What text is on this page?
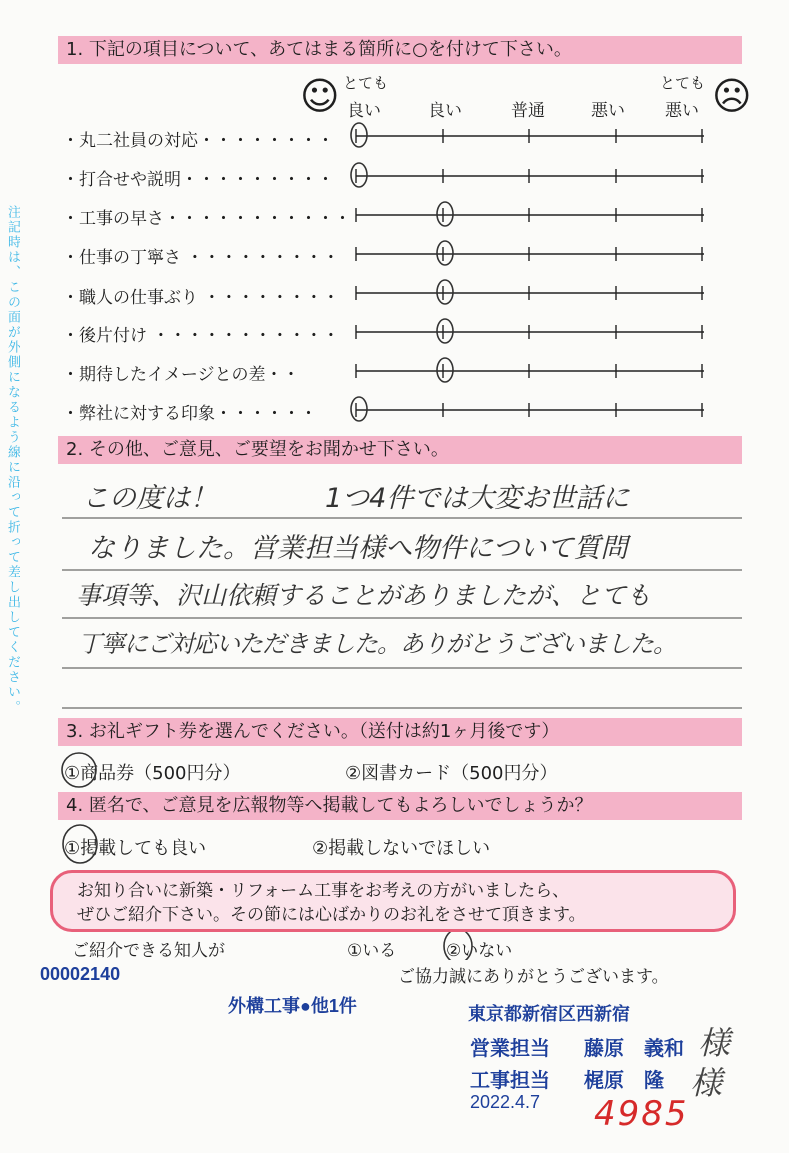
注記時は、この面が外側になるよう線に沿って折って差し出してください。
1. 下記の項目について、あてはまる箇所に○を付けて下さい。
☺	☹
とても	とても
良い	良い	普通	悪い 悪い
・丸二社員の対応・・・・・・・・
・打合せや説明・・・・・・・・・
・工事の早さ・・・・・・・・・・・
・仕事の丁寧さ ・・・・・・・・・
・職人の仕事ぶり ・・・・・・・・
・後片付け ・・・・・・・・・・・
・期待したイメージとの差・・
・弊社に対する印象・・・・・・
2. その他、ご意見、ご要望をお聞かせ下さい。
この度は！　　　　1つ4件では大変お世話に
なりました。営業担当様へ物件について質問
事項等、沢山依頼することがありましたが、とても
丁寧にご対応いただきました。ありがとうございました。
3. お礼ギフト券を選んでください。（送付は約1ヶ月後です）
①商品券（500円分）	②図書カード（500円分）
4. 匿名で、ご意見を広報物等へ掲載してもよろしいでしょうか？
①掲載しても良い	②掲載しないでほしい
お知り合いに新築・リフォーム工事をお考えの方がいましたら、
ぜひご紹介下さい。その節には心ばかりのお礼をさせて頂きます。
ご紹介できる知人が	①いる	②いない
ご協力誠にありがとうございます。
00002140
外構工事●他1件	東京都新宿区西新宿
営業担当 藤原　義和
工事担当 梶原　隆
2022.4.7
様
様
4985
